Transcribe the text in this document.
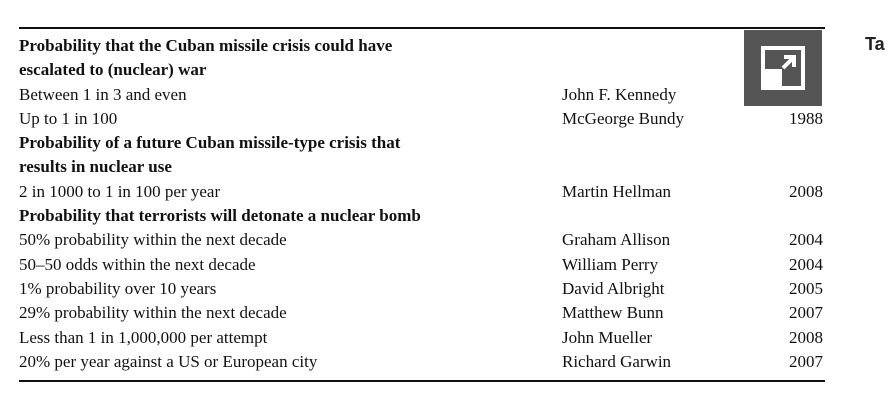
Probability that the Cuban missile crisis could have
escalated to (nuclear) war		
Between 1 in 3 and even	John F. Kennedy	
Up to 1 in 100	McGeorge Bundy	1988
Probability of a future Cuban missile-type crisis that
results in nuclear use		
2 in 1000 to 1 in 100 per year	Martin Hellman	2008
Probability that terrorists will detonate a nuclear bomb		
50% probability within the next decade	Graham Allison	2004
50–50 odds within the next decade	William Perry	2004
1% probability over 10 years	David Albright	2005
29% probability within the next decade	Matthew Bunn	2007
Less than 1 in 1,000,000 per attempt	John Mueller	2008
20% per year against a US or European city	Richard Garwin	2007
Ta
